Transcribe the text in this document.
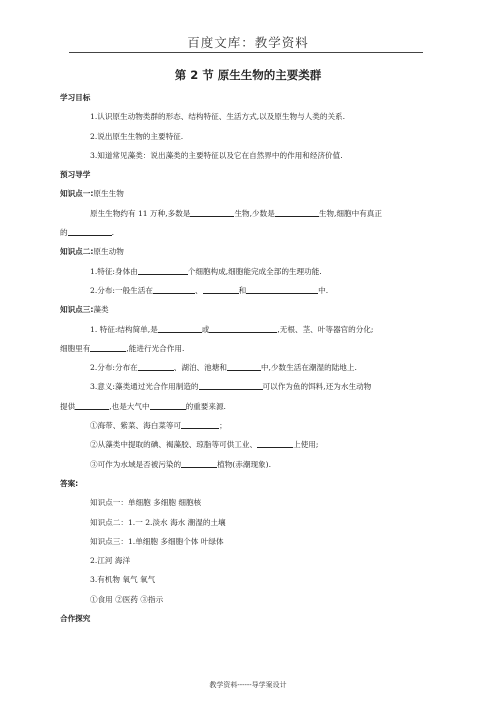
百度文库：教学资料
第 2 节 原生生物的主要类群
学习目标
1.认识原生动物类群的形态、结构特征、生活方式,以及原生物与人类的关系.
2.说出原生生物的主要特征.
3.知道常见藻类：说出藻类的主要特征以及它在自然界中的作用和经济价值.
预习导学
知识点一:原生生物
原生生物约有 11 万种,多数是	生物,少数是	生物,细胞中有真正
的	.
知识点二:原生动物
1.特征:身体由	个细胞构成,细胞能完成全部的生理功能.
2.分布:一般生活在	、	和	中.
知识点三:藻类
1. 特征:结构简单,是	或	,无根、茎、叶等器官的分化;
细胞里有	,能进行光合作用.
2.分布:分布在	、湖泊、池塘和	中,少数生活在潮湿的陆地上.
3.意义:藻类通过光合作用制造的	可以作为鱼的饵料,还为水生动物
提供	,也是大气中	的重要来源.
①海带、紫菜、海白菜等可	；
②从藻类中提取的碘、褐藻胶、琼脂等可供工业、	上使用;
③可作为水域是否被污染的	植物(赤潮现象).
答案:
知识点一：单细胞 多细胞 细胞核
知识点二：1.一 2.淡水 海水 潮湿的土壤
知识点三：1.单细胞 多细胞个体 叶绿体
2.江河 海洋
3.有机物 氧气 氧气
①食用 ②医药 ③指示
合作探究
教学资料------导学案设计
